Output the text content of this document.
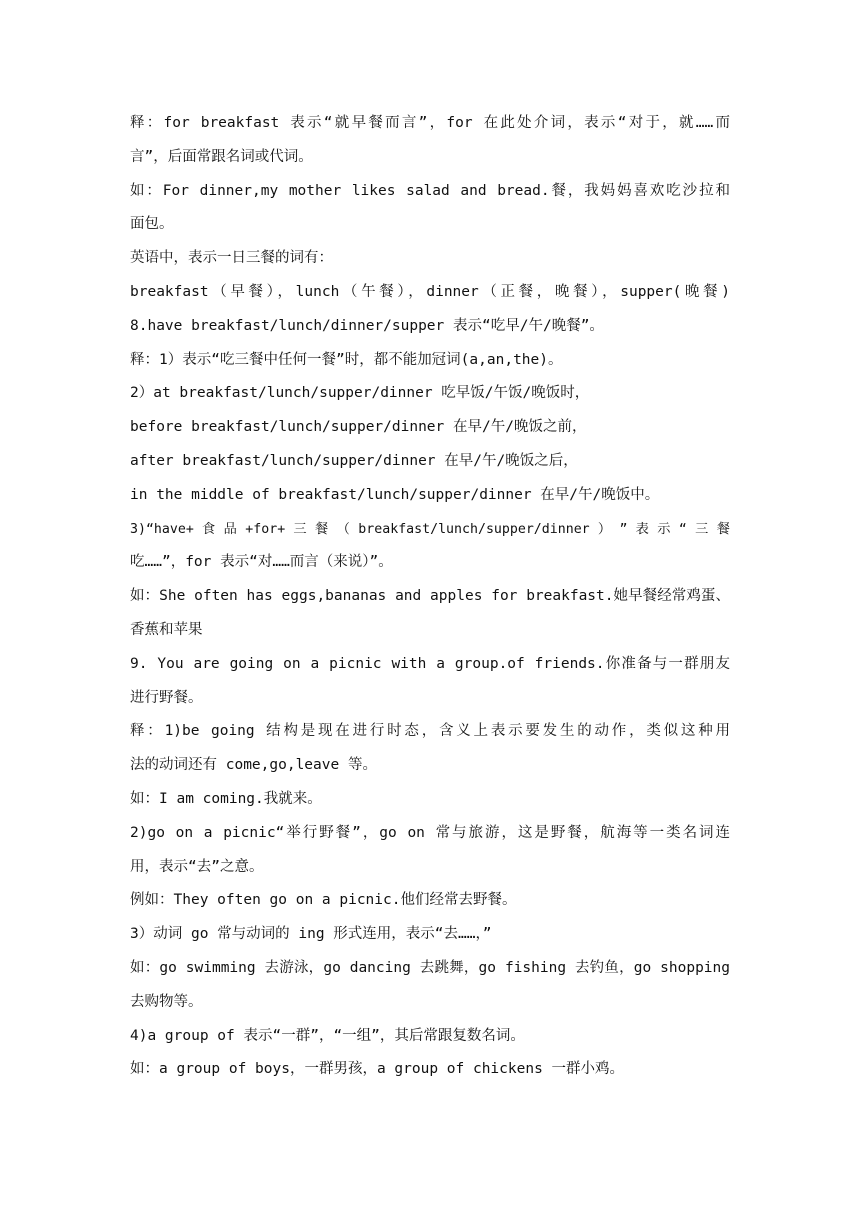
释：for breakfast 表示“就早餐而言”，for 在此处介词，表示“对于，就……而
言”，后面常跟名词或代词。
如：For dinner,my mother likes salad and bread.餐，我妈妈喜欢吃沙拉和
面包。
英语中，表示一日三餐的词有：
breakfast（早餐），lunch（午餐），dinner（正餐，晚餐），supper(晚餐)
8.have breakfast/lunch/dinner/supper 表示“吃早/午/晚餐”。
释：1）表示“吃三餐中任何一餐”时，都不能加冠词(a,an,the)。
2）at breakfast/lunch/supper/dinner 吃早饭/午饭/晚饭时，
before breakfast/lunch/supper/dinner 在早/午/晚饭之前，
after breakfast/lunch/supper/dinner 在早/午/晚饭之后，
in the middle of breakfast/lunch/supper/dinner 在早/午/晚饭中。
3)“have+ 食 品 +for+ 三 餐 （ breakfast/lunch/supper/dinner ） ” 表 示 “ 三 餐
吃……”，for 表示“对……而言（来说）”。
如：She often has eggs,bananas and apples for breakfast.她早餐经常鸡蛋、
香蕉和苹果
9. You are going on a picnic with a group.of friends.你准备与一群朋友
进行野餐。
释：1)be going 结构是现在进行时态，含义上表示要发生的动作，类似这种用
法的动词还有 come,go,leave 等。
如：I am coming.我就来。
2)go on a picnic“举行野餐”，go on 常与旅游，这是野餐，航海等一类名词连
用，表示“去”之意。
例如：They often go on a picnic.他们经常去野餐。
3）动词 go 常与动词的 ing 形式连用，表示“去……，”
如：go swimming 去游泳，go dancing 去跳舞，go fishing 去钓鱼，go shopping
去购物等。
4)a group of 表示“一群”，“一组”，其后常跟复数名词。
如：a group of boys，一群男孩，a group of chickens 一群小鸡。
